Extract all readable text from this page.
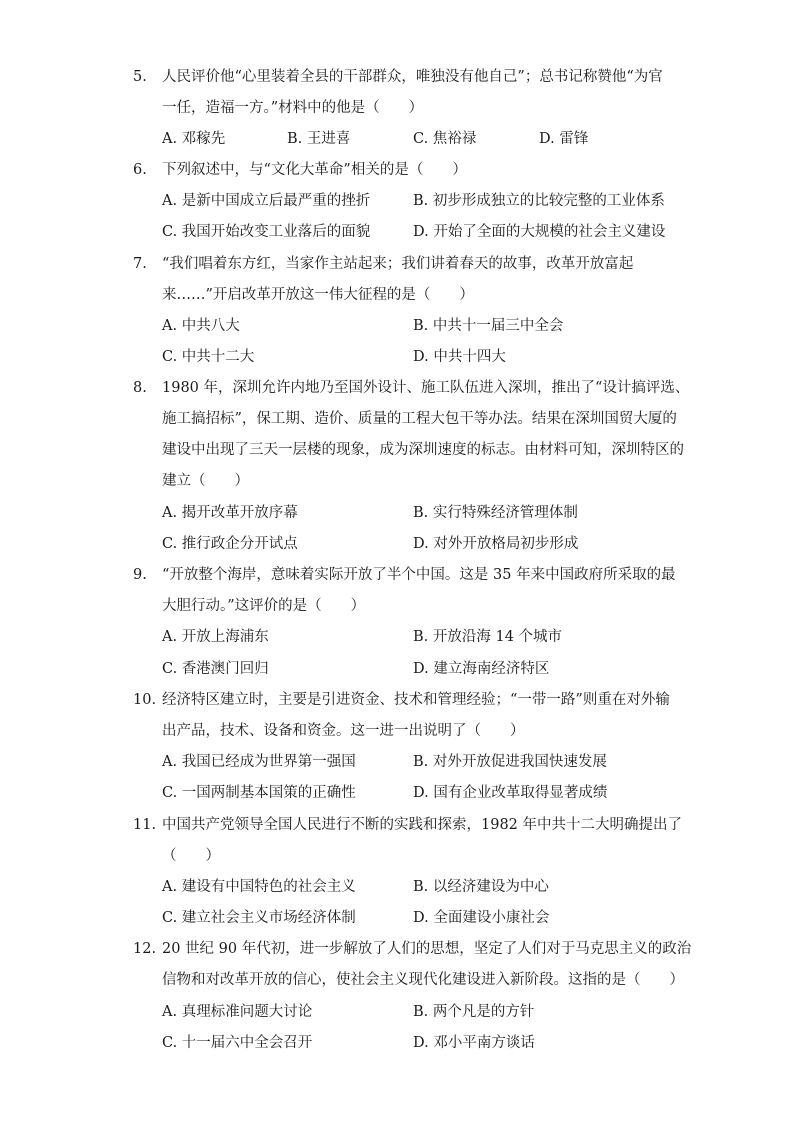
5. 人民评价他“心里装着全县的干部群众，唯独没有他自己”；总书记称赞他“为官
一任，造福一方。”材料中的他是（　　）
A. 邓稼先	B. 王进喜	C. 焦裕禄	D. 雷锋
6. 下列叙述中，与“文化大革命”相关的是（　　）
A. 是新中国成立后最严重的挫折	B. 初步形成独立的比较完整的工业体系
C. 我国开始改变工业落后的面貌	D. 开始了全面的大规模的社会主义建设
7. “我们唱着东方红，当家作主站起来；我们讲着春天的故事，改革开放富起
来……”开启改革开放这一伟大征程的是（　　）
A. 中共八大	B. 中共十一届三中全会
C. 中共十二大	D. 中共十四大
8. 1980 年，深圳允许内地乃至国外设计、施工队伍进入深圳，推出了“设计搞评选、
施工搞招标”，保工期、造价、质量的工程大包干等办法。结果在深圳国贸大厦的
建设中出现了三天一层楼的现象，成为深圳速度的标志。由材料可知，深圳特区的
建立（　　）
A. 揭开改革开放序幕	B. 实行特殊经济管理体制
C. 推行政企分开试点	D. 对外开放格局初步形成
9. “开放整个海岸，意味着实际开放了半个中国。这是 35 年来中国政府所采取的最
大胆行动。”这评价的是（　　）
A. 开放上海浦东	B. 开放沿海 14 个城市
C. 香港澳门回归	D. 建立海南经济特区
10. 经济特区建立时，主要是引进资金、技术和管理经验；“一带一路”则重在对外输
出产品，技术、设备和资金。这一进一出说明了（　　）
A. 我国已经成为世界第一强国	B. 对外开放促进我国快速发展
C. 一国两制基本国策的正确性	D. 国有企业改革取得显著成绩
11. 中国共产党领导全国人民进行不断的实践和探索，1982 年中共十二大明确提出了
（　　）
A. 建设有中国特色的社会主义	B. 以经济建设为中心
C. 建立社会主义市场经济体制	D. 全面建设小康社会
12. 20 世纪 90 年代初，进一步解放了人们的思想，坚定了人们对于马克思主义的政治
信物和对改革开放的信心，使社会主义现代化建设进入新阶段。这指的是（　　）
A. 真理标准问题大讨论	B. 两个凡是的方针
C. 十一届六中全会召开	D. 邓小平南方谈话
